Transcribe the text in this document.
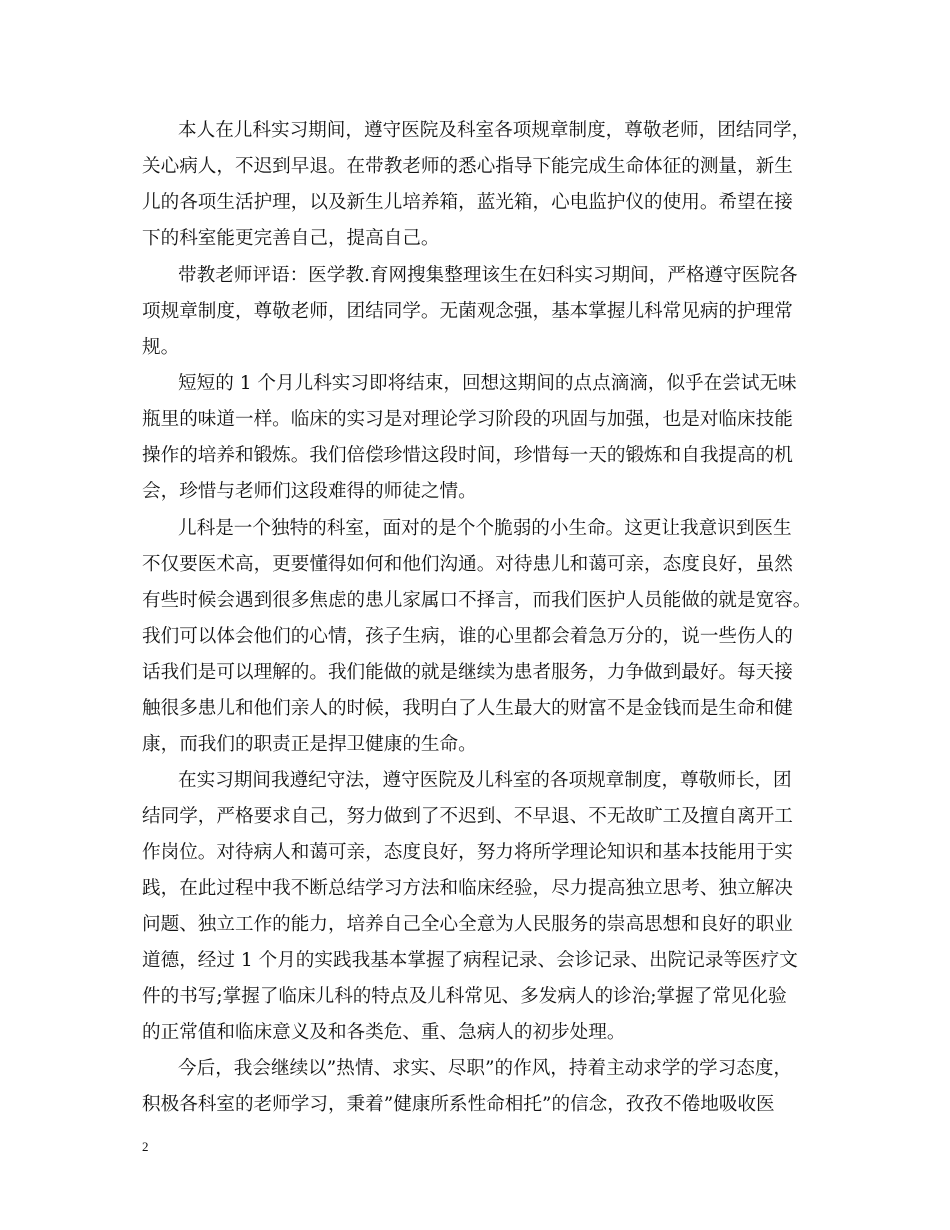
本人在儿科实习期间，遵守医院及科室各项规章制度，尊敬老师，团结同学，
关心病人，不迟到早退。在带教老师的悉心指导下能完成生命体征的测量，新生
儿的各项生活护理，以及新生儿培养箱，蓝光箱，心电监护仪的使用。希望在接
下的科室能更完善自己，提高自己。
带教老师评语：医学教.育网搜集整理该生在妇科实习期间，严格遵守医院各
项规章制度，尊敬老师，团结同学。无菌观念强，基本掌握儿科常见病的护理常
规。
短短的 1 个月儿科实习即将结束，回想这期间的点点滴滴，似乎在尝试无味
瓶里的味道一样。临床的实习是对理论学习阶段的巩固与加强，也是对临床技能
操作的培养和锻炼。我们倍偿珍惜这段时间，珍惜每一天的锻炼和自我提高的机
会，珍惜与老师们这段难得的师徒之情。
儿科是一个独特的科室，面对的是个个脆弱的小生命。这更让我意识到医生
不仅要医术高，更要懂得如何和他们沟通。对待患儿和蔼可亲，态度良好，虽然
有些时候会遇到很多焦虑的患儿家属口不择言，而我们医护人员能做的就是宽容。
我们可以体会他们的心情，孩子生病，谁的心里都会着急万分的，说一些伤人的
话我们是可以理解的。我们能做的就是继续为患者服务，力争做到最好。每天接
触很多患儿和他们亲人的时候，我明白了人生最大的财富不是金钱而是生命和健
康，而我们的职责正是捍卫健康的生命。
在实习期间我遵纪守法，遵守医院及儿科室的各项规章制度，尊敬师长，团
结同学，严格要求自己，努力做到了不迟到、不早退、不无故旷工及擅自离开工
作岗位。对待病人和蔼可亲，态度良好，努力将所学理论知识和基本技能用于实
践，在此过程中我不断总结学习方法和临床经验，尽力提高独立思考、独立解决
问题、独立工作的能力，培养自己全心全意为人民服务的崇高思想和良好的职业
道德，经过 1 个月的实践我基本掌握了病程记录、会诊记录、出院记录等医疗文
件的书写;掌握了临床儿科的特点及儿科常见、多发病人的诊治;掌握了常见化验
的正常值和临床意义及和各类危、重、急病人的初步处理。
今后，我会继续以”热情、求实、尽职”的作风，持着主动求学的学习态度，
积极各科室的老师学习，秉着”健康所系性命相托”的信念，孜孜不倦地吸收医
2
